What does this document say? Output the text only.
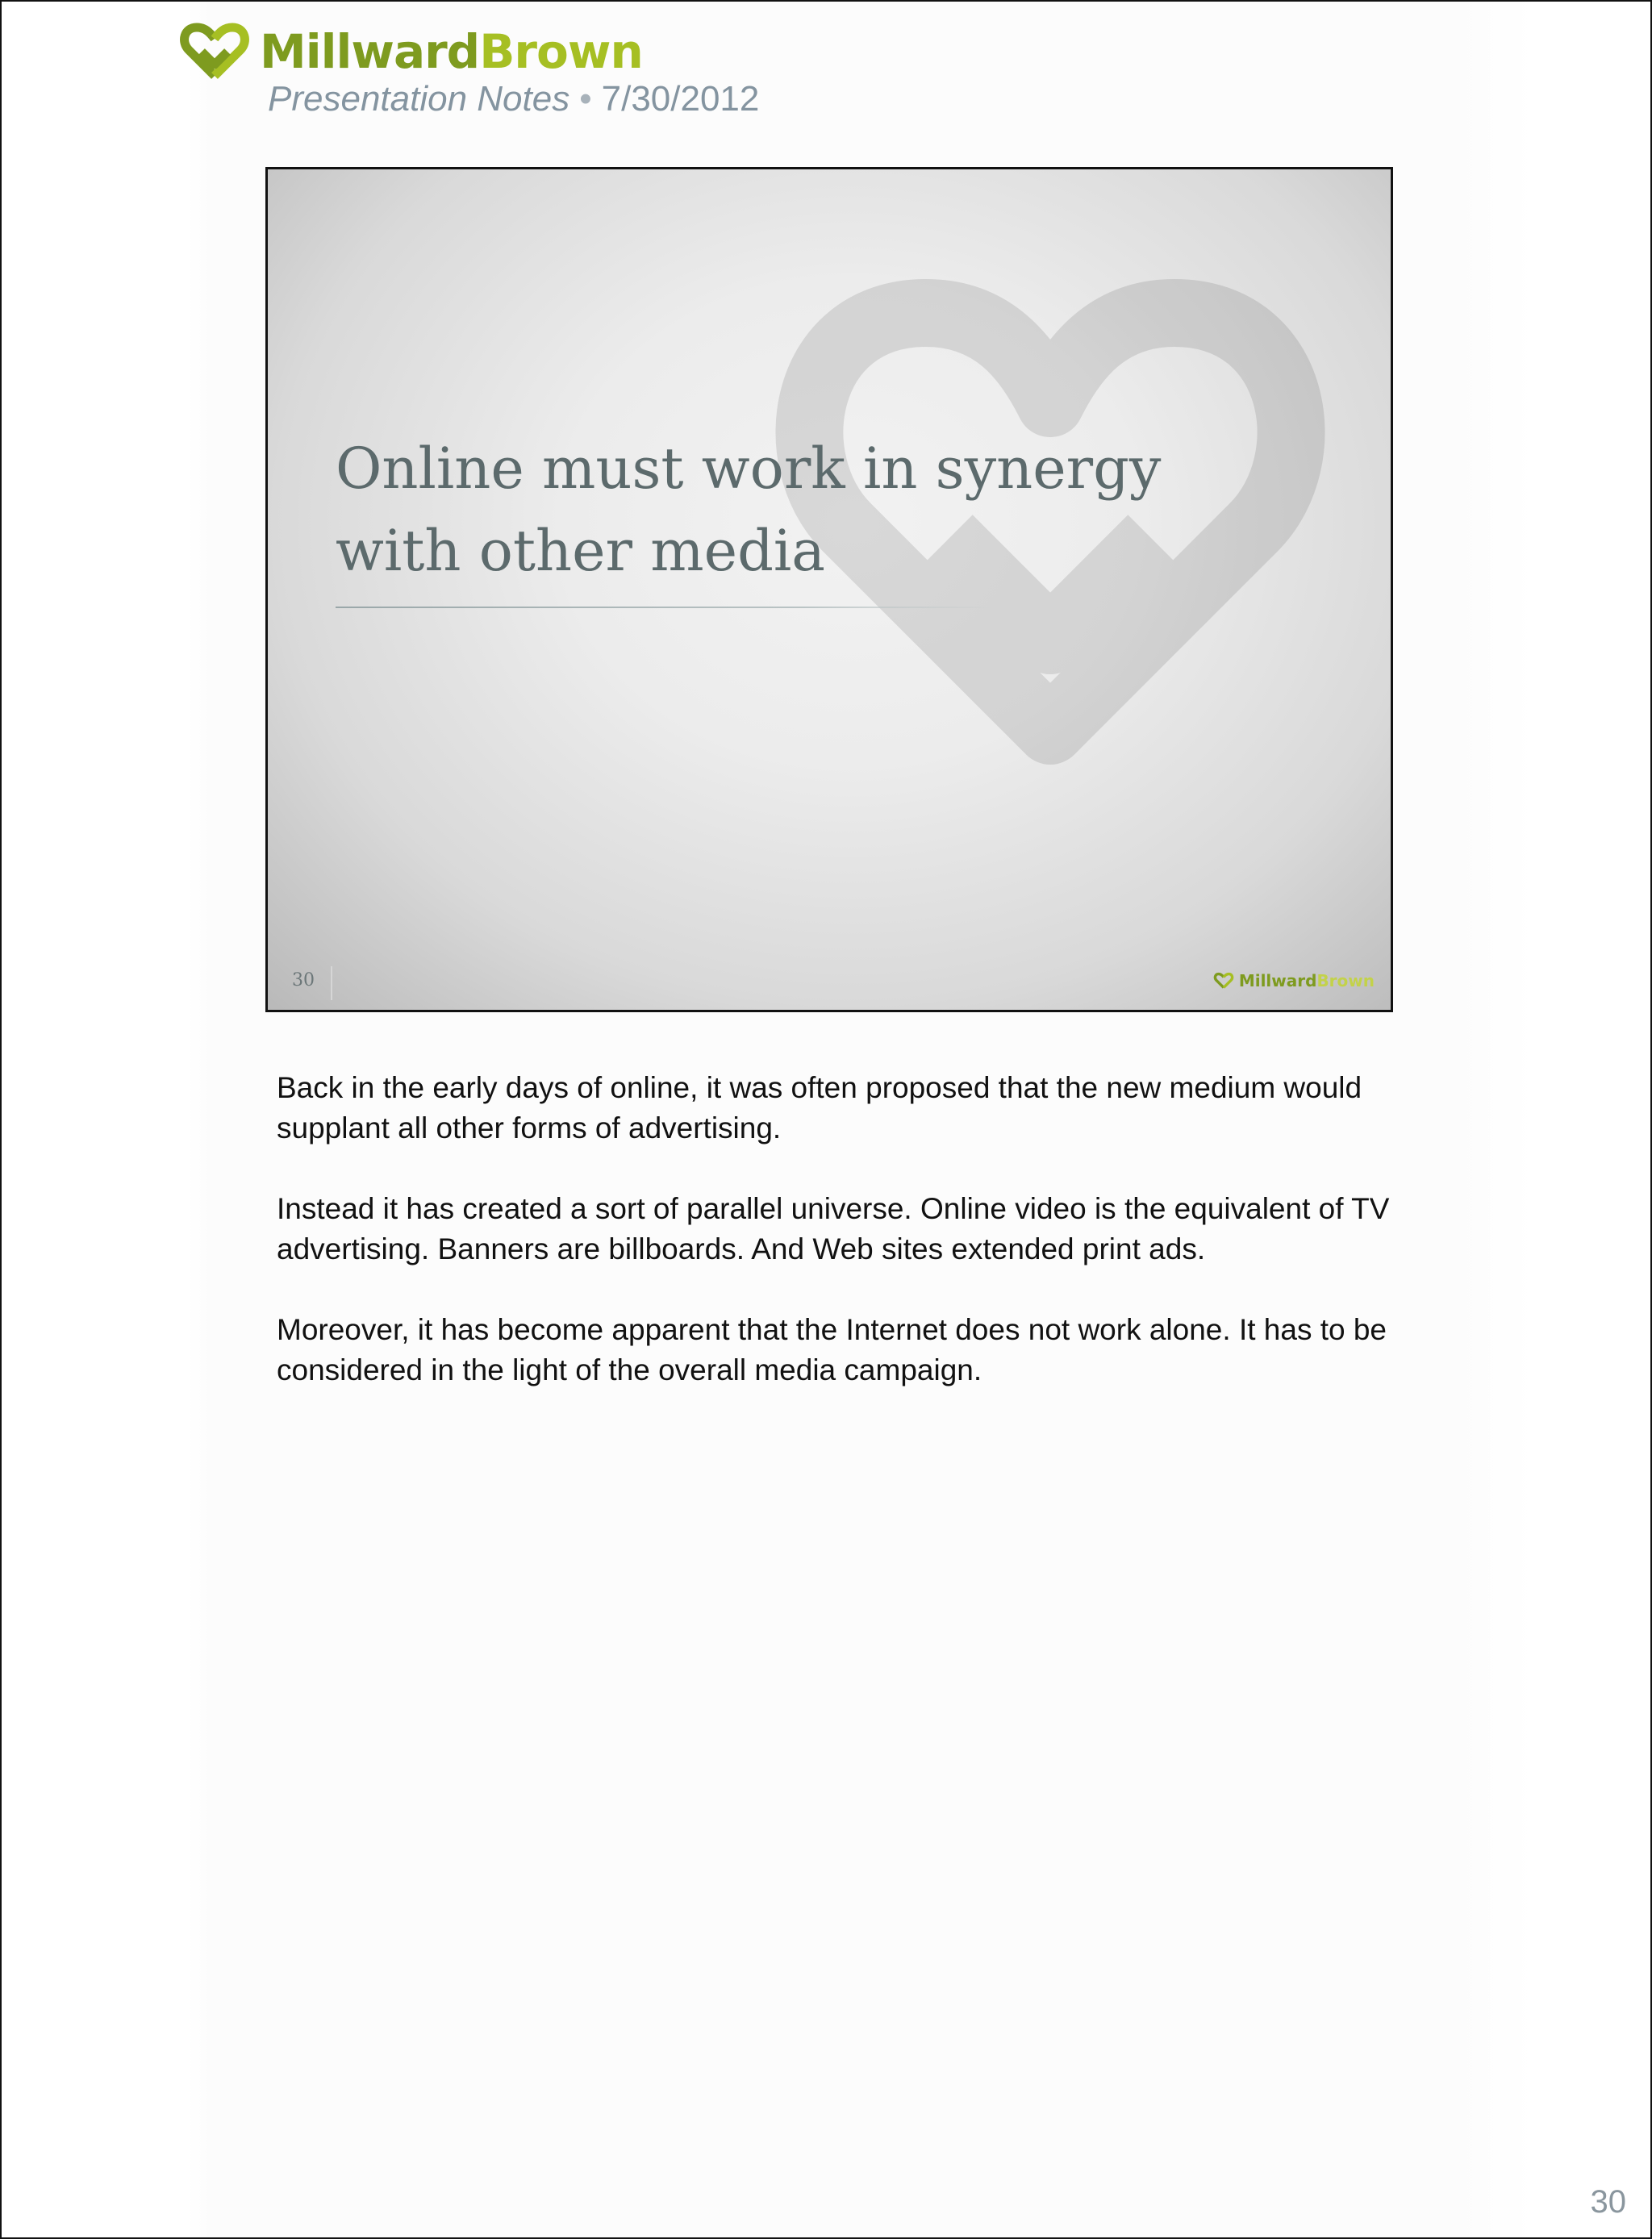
MillwardBrown
Presentation Notes • 7/30/2012
Online must work in synergy
with other media
30	Millward Brown

Back in the early days of online, it was often proposed that the new medium would supplant all other forms of advertising.

Instead it has created a sort of parallel universe. Online video is the equivalent of TV advertising. Banners are billboards. And Web sites extended print ads.

Moreover, it has become apparent that the Internet does not work alone. It has to be considered in the light of the overall media campaign.

30
